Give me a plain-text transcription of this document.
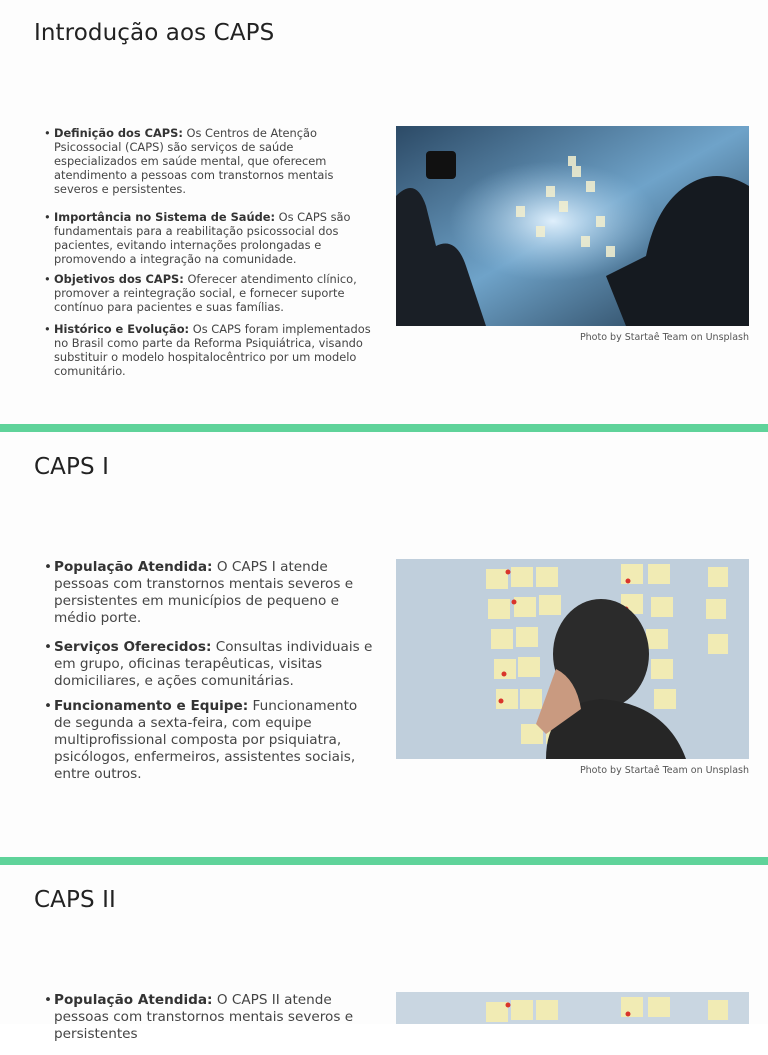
Introdução aos CAPS
• Definição dos CAPS: Os Centros de Atenção Psicossocial (CAPS) são serviços de saúde especializados em saúde mental, que oferecem atendimento a pessoas com transtornos mentais severos e persistentes.
• Importância no Sistema de Saúde: Os CAPS são fundamentais para a reabilitação psicossocial dos pacientes, evitando internações prolongadas e promovendo a integração na comunidade.
• Objetivos dos CAPS: Oferecer atendimento clínico, promover a reintegração social, e fornecer suporte contínuo para pacientes e suas famílias.
• Histórico e Evolução: Os CAPS foram implementados no Brasil como parte da Reforma Psiquiátrica, visando substituir o modelo hospitalocêntrico por um modelo comunitário.
Photo by Startaê Team on Unsplash
CAPS I
• População Atendida: O CAPS I atende pessoas com transtornos mentais severos e persistentes em municípios de pequeno e médio porte.
• Serviços Oferecidos: Consultas individuais e em grupo, oficinas terapêuticas, visitas domiciliares, e ações comunitárias.
• Funcionamento e Equipe: Funcionamento de segunda a sexta-feira, com equipe multiprofissional composta por psiquiatra, psicólogos, enfermeiros, assistentes sociais, entre outros.	Photo by Startaê Team on Unsplash
CAPS II
• População Atendida: O CAPS II atende pessoas com transtornos mentais severos e persistentes
